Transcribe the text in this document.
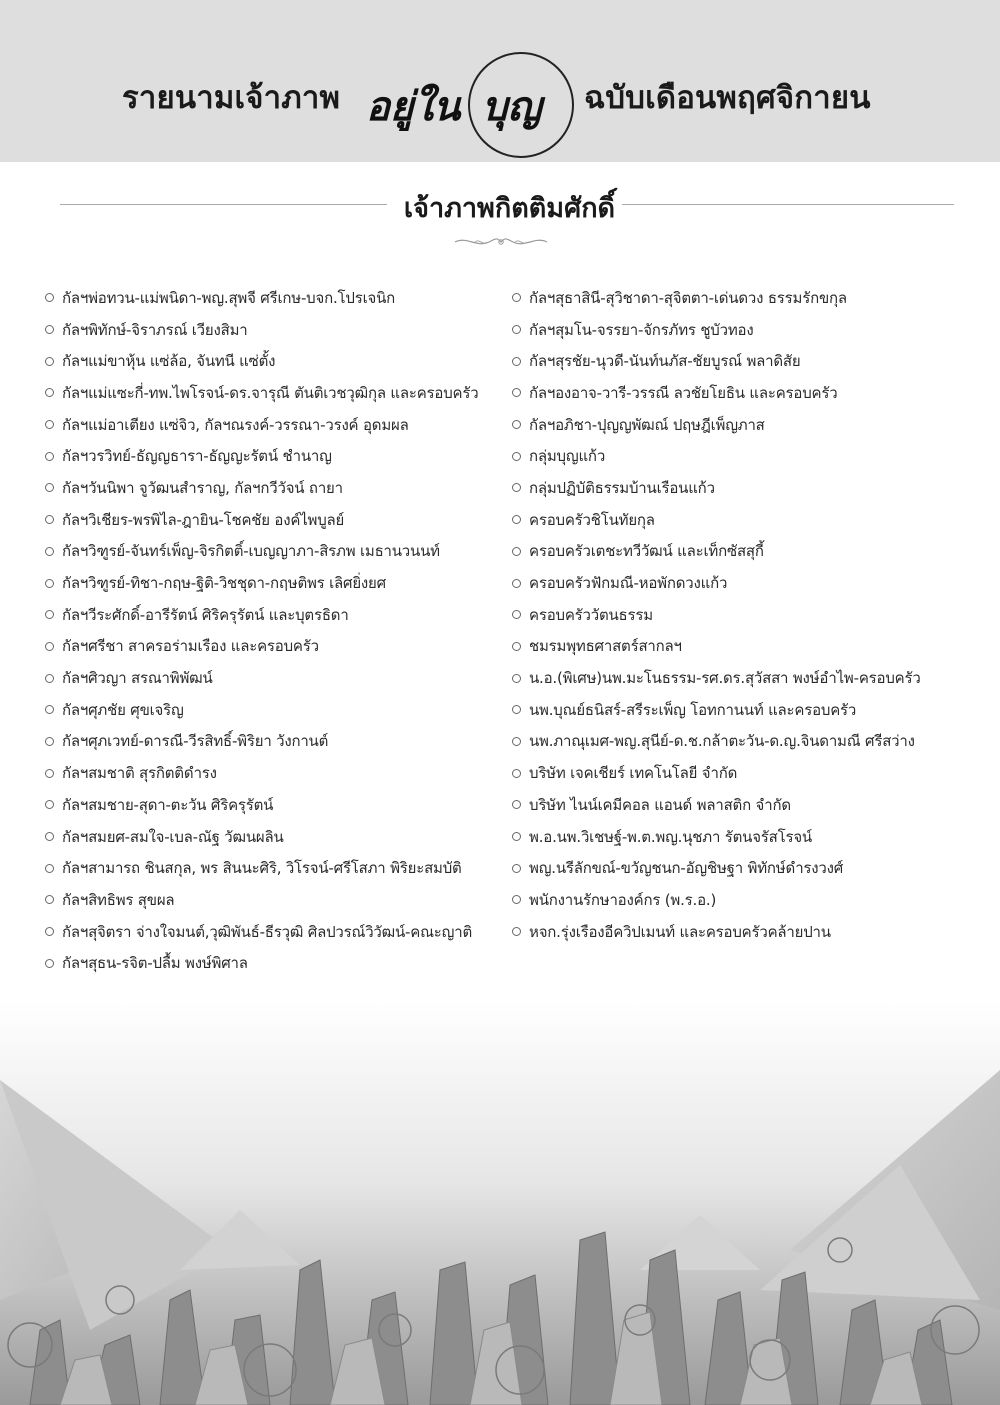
รายนามเจ้าภาพ อยู่ใน บุญ ฉบับเดือนพฤศจิกายน
เจ้าภาพกิตติมศักดิ์
กัลฯพ่อทวน-แม่พนิดา-พญ.สุพจี ศรีเกษ-บจก.โปรเจนิก
กัลฯพิทักษ์-จิราภรณ์ เวียงสิมา
กัลฯแม่ขาหุ้น แซ่ล้อ, จันทนี แซ่ตั้ง
กัลฯแม่แซะกี่-ทพ.ไพโรจน์-ดร.จารุณี ตันติเวชวุฒิกุล และครอบครัว
กัลฯแม่อาเตียง แซ่จิว, กัลฯณรงค์-วรรณา-วรงค์ อุดมผล
กัลฯวรวิทย์-ธัญญธารา-ธัญญะรัตน์ ชำนาญ
กัลฯวันนิพา จูวัฒนสำราญ, กัลฯกวีวัจน์ ถายา
กัลฯวิเชียร-พรพิไล-ฎายิน-โชคชัย องค์ไพบูลย์
กัลฯวิฑูรย์-จันทร์เพ็ญ-จิรกิตติ์-เบญญาภา-สิรภพ เมธานวนนท์
กัลฯวิฑูรย์-ทิชา-กฤษ-ฐิติ-วิชชุดา-กฤษติพร เลิศยิ่งยศ
กัลฯวีระศักดิ์-อารีรัตน์ ศิริครุรัตน์ และบุตรธิดา
กัลฯศรีชา สาครอร่ามเรือง และครอบครัว
กัลฯศิวญา สรณาพิพัฒน์
กัลฯศุภชัย ศุขเจริญ
กัลฯศุภเวทย์-ดารณี-วีรสิทธิ์-พิริยา วังกานต์
กัลฯสมชาติ สุรกิตติดำรง
กัลฯสมชาย-สุดา-ตะวัน ศิริครุรัตน์
กัลฯสมยศ-สมใจ-เบล-ณัฐ วัฒนผลิน
กัลฯสามารถ ชินสกุล, พร สินนะศิริ, วิโรจน์-ศรีโสภา พิริยะสมบัติ
กัลฯสิทธิพร สุขผล
กัลฯสุจิตรา จ่างใจมนต์,วุฒิพันธ์-ธีรวุฒิ ศิลปวรณ์วิวัฒน์-คณะญาติ
กัลฯสุธน-รจิต-ปลื้ม พงษ์พิศาล
กัลฯสุธาสินี-สุวิชาดา-สุจิตตา-เด่นดวง ธรรมรักขกุล
กัลฯสุมโน-จรรยา-จักรภัทร ชูบัวทอง
กัลฯสุรชัย-นุวดี-นันท์นภัส-ชัยบูรณ์ พลาดิสัย
กัลฯองอาจ-วารี-วรรณี ลวชัยโยธิน และครอบครัว
กัลฯอภิชา-ปุญญพัฒณ์ ปฤษฎีเพ็ญภาส
กลุ่มบุญแก้ว
กลุ่มปฏิบัติธรรมบ้านเรือนแก้ว
ครอบครัวชิโนทัยกุล
ครอบครัวเตชะทวีวัฒน์ และเท็กซัสสุกี้
ครอบครัวฟักมณี-หอพักดวงแก้ว
ครอบครัววัตนธรรม
ชมรมพุทธศาสตร์สากลฯ
น.อ.(พิเศษ)นพ.มะโนธรรม-รศ.ดร.สุวัสสา พงษ์อำไพ-ครอบครัว
นพ.บุณย์ธนิสร์-สรีระเพ็ญ โอทกานนท์ และครอบครัว
นพ.ภาณุเมศ-พญ.สุนีย์-ด.ช.กล้าตะวัน-ด.ญ.จินดามณี ศรีสว่าง
บริษัท เจคเชียร์ เทคโนโลยี จำกัด
บริษัท ไนน์เคมีคอล แอนด์ พลาสติก จำกัด
พ.อ.นพ.วิเชษฐ์-พ.ต.พญ.นุชภา รัตนจรัสโรจน์
พญ.นรีลักขณ์-ขวัญชนก-อัญชิษฐา พิทักษ์ดำรงวงศ์
พนักงานรักษาองค์กร (พ.ร.อ.)
หจก.รุ่งเรืองอีควิปเมนท์ และครอบครัวคล้ายปาน
